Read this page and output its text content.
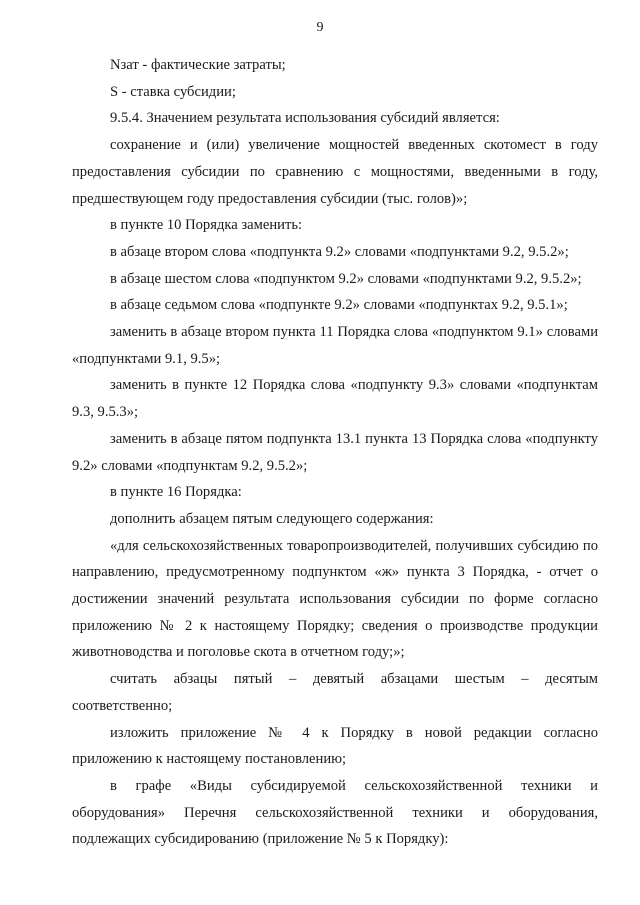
9

Nзат - фактические затраты;

S - ставка субсидии;

9.5.4. Значением результата использования субсидий является:

сохранение и (или) увеличение мощностей введенных скотомест в году предоставления субсидии по сравнению с мощностями, введенными в году, предшествующем году предоставления субсидии (тыс. голов)»;

в пункте 10 Порядка заменить:

в абзаце втором слова «подпункта 9.2» словами «подпунктами 9.2, 9.5.2»;

в абзаце шестом слова «подпунктом 9.2» словами «подпунктами 9.2, 9.5.2»;

в абзаце седьмом слова «подпункте 9.2» словами «подпунктах 9.2, 9.5.1»;

заменить в абзаце втором пункта 11 Порядка слова «подпунктом 9.1» словами «подпунктами 9.1, 9.5»;

заменить в пункте 12 Порядка слова «подпункту 9.3» словами «подпунктам 9.3, 9.5.3»;

заменить в абзаце пятом подпункта 13.1 пункта 13 Порядка слова «подпункту 9.2» словами «подпунктам 9.2, 9.5.2»;

в пункте 16 Порядка:

дополнить абзацем пятым следующего содержания:

«для сельскохозяйственных товаропроизводителей, получивших субсидию по направлению, предусмотренному подпунктом «ж» пункта 3 Порядка, - отчет о достижении значений результата использования субсидии по форме согласно приложению № 2 к настоящему Порядку; сведения о производстве продукции животноводства и поголовье скота в отчетном году;»;

считать абзацы пятый – девятый абзацами шестым – десятым соответственно;

изложить приложение № 4 к Порядку в новой редакции согласно приложению к настоящему постановлению;

в графе «Виды субсидируемой сельскохозяйственной техники и оборудования» Перечня сельскохозяйственной техники и оборудования, подлежащих субсидированию (приложение № 5 к Порядку):
